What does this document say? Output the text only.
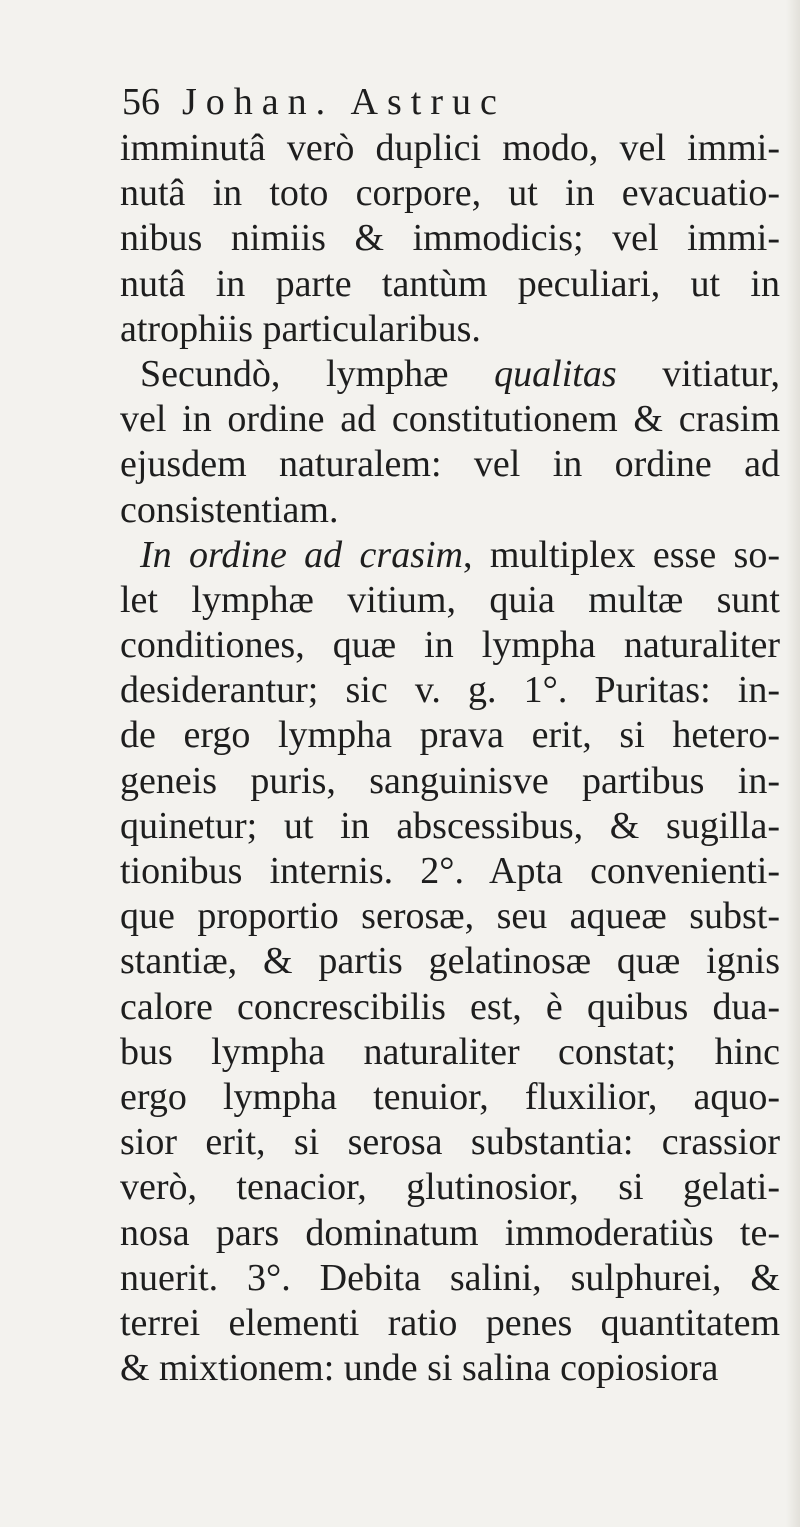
56 Johan. Astruc
imminutâ verò duplici modo, vel immi-
nutâ in toto corpore, ut in evacuatio-
nibus nimiis & immodicis; vel immi-
nutâ in parte tantùm peculiari, ut in
atrophiis particularibus.
Secundò, lymphæ qualitas vitiatur,
vel in ordine ad constitutionem & crasim
ejusdem naturalem: vel in ordine ad
consistentiam.
In ordine ad crasim, multiplex esse so-
let lymphæ vitium, quia multæ sunt
conditiones, quæ in lympha naturaliter
desiderantur; sic v. g. 1°. Puritas: in-
de ergo lympha prava erit, si hetero-
geneis puris, sanguinisve partibus in-
quinetur; ut in abscessibus, & sugilla-
tionibus internis. 2°. Apta convenienti-
que proportio serosæ, seu aqueæ subst-
stantiæ, & partis gelatinosæ quæ ignis
calore concrescibilis est, è quibus dua-
bus lympha naturaliter constat; hinc
ergo lympha tenuior, fluxilior, aquo-
sior erit, si serosa substantia: crassior
verò, tenacior, glutinosior, si gelati-
nosa pars dominatum immoderatiùs te-
nuerit. 3°. Debita salini, sulphurei, &
terrei elementi ratio penes quantitatem
& mixtionem: unde si salina copiosiora
